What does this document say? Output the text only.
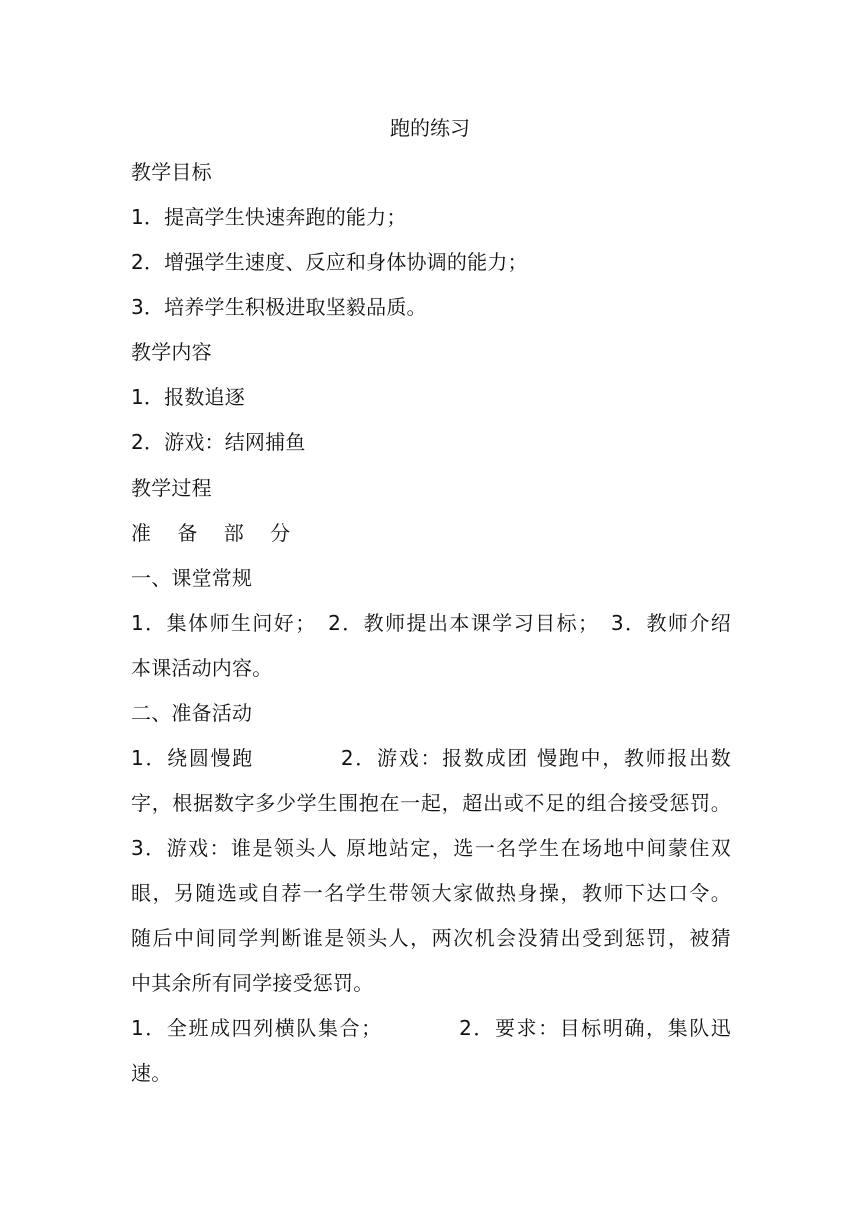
跑的练习
教学目标
1．提高学生快速奔跑的能力；
2．增强学生速度、反应和身体协调的能力；
3．培养学生积极进取坚毅品质。
教学内容
1．报数追逐
2．游戏：结网捕鱼
教学过程
准 备 部 分
一、课堂常规
1．集体师生问好；　2．教师提出本课学习目标；　3．教师介绍
本课活动内容。
二、准备活动
1．绕圆慢跑　　　　2．游戏：报数成团 慢跑中，教师报出数
字，根据数字多少学生围抱在一起，超出或不足的组合接受惩罚。
3．游戏：谁是领头人 原地站定，选一名学生在场地中间蒙住双
眼，另随选或自荐一名学生带领大家做热身操，教师下达口令。
随后中间同学判断谁是领头人，两次机会没猜出受到惩罚，被猜
中其余所有同学接受惩罚。
1．全班成四列横队集合；　　　　2．要求：目标明确，集队迅
速。
